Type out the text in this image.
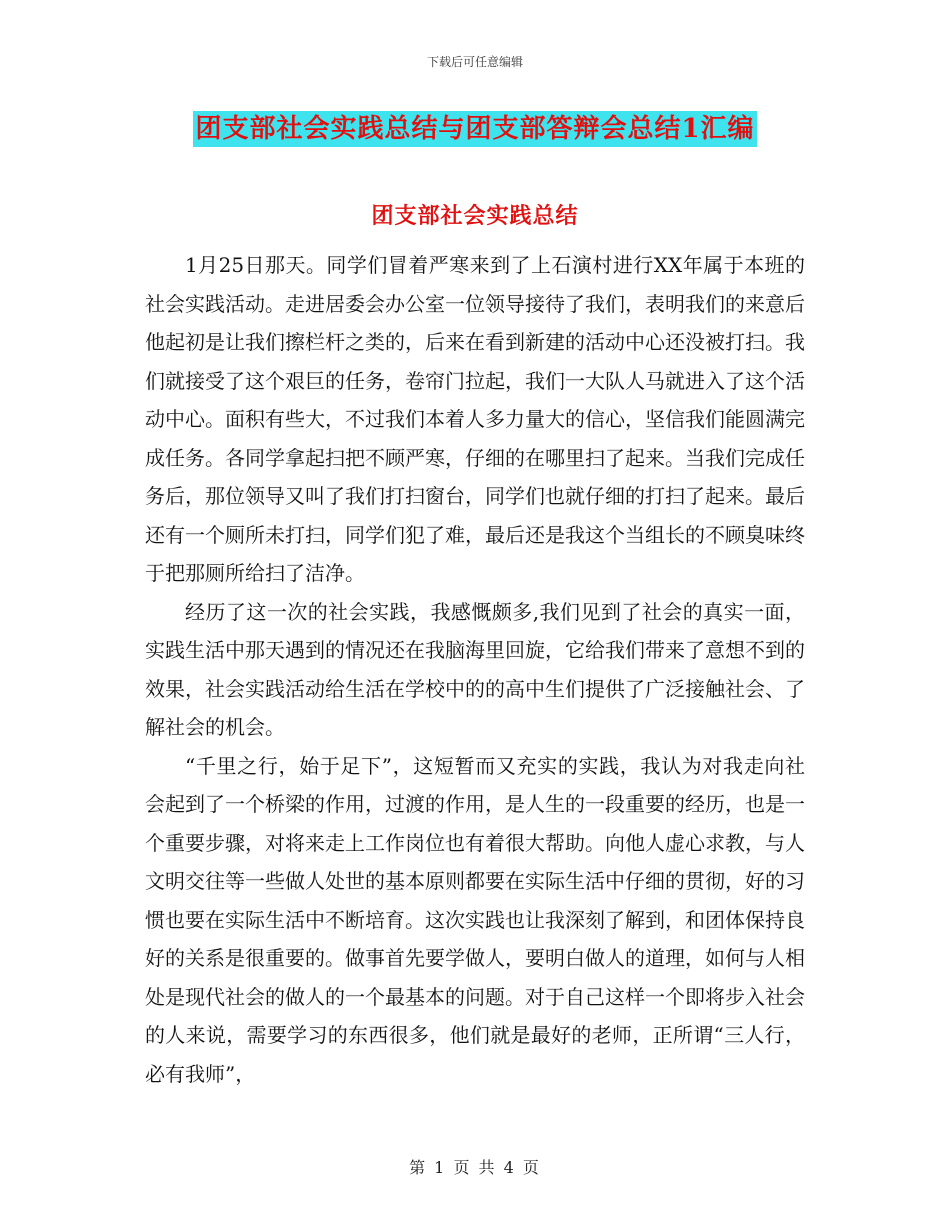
下载后可任意编辑
团支部社会实践总结与团支部答辩会总结1汇编
团支部社会实践总结

1月25日那天。同学们冒着严寒来到了上石演村进行XX年属于本班的社会实践活动。走进居委会办公室一位领导接待了我们，表明我们的来意后他起初是让我们擦栏杆之类的，后来在看到新建的活动中心还没被打扫。我们就接受了这个艰巨的任务，卷帘门拉起，我们一大队人马就进入了这个活动中心。面积有些大，不过我们本着人多力量大的信心，坚信我们能圆满完成任务。各同学拿起扫把不顾严寒，仔细的在哪里扫了起来。当我们完成任务后，那位领导又叫了我们打扫窗台，同学们也就仔细的打扫了起来。最后还有一个厕所未打扫，同学们犯了难，最后还是我这个当组长的不顾臭味终于把那厕所给扫了洁净。

经历了这一次的社会实践，我感慨颇多,我们见到了社会的真实一面，实践生活中那天遇到的情况还在我脑海里回旋，它给我们带来了意想不到的效果，社会实践活动给生活在学校中的的高中生们提供了广泛接触社会、了解社会的机会。

“千里之行，始于足下”，这短暂而又充实的实践，我认为对我走向社会起到了一个桥梁的作用，过渡的作用，是人生的一段重要的经历，也是一个重要步骤，对将来走上工作岗位也有着很大帮助。向他人虚心求教，与人文明交往等一些做人处世的基本原则都要在实际生活中仔细的贯彻，好的习惯也要在实际生活中不断培育。这次实践也让我深刻了解到，和团体保持良好的关系是很重要的。做事首先要学做人，要明白做人的道理，如何与人相处是现代社会的做人的一个最基本的问题。对于自己这样一个即将步入社会的人来说，需要学习的东西很多，他们就是最好的老师，正所谓“三人行，必有我师”，

第 1 页 共 4 页
